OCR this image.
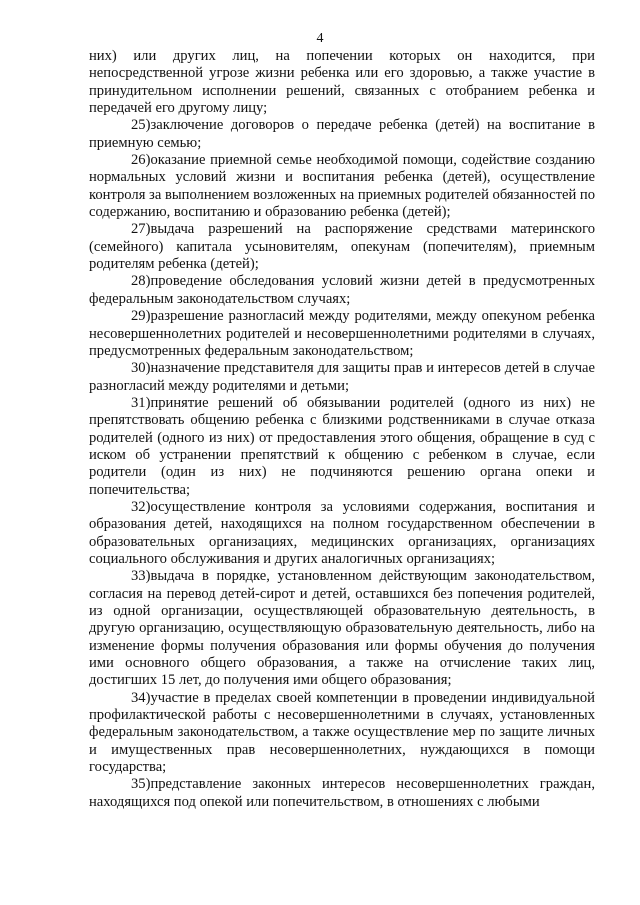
4

них) или других лиц, на попечении которых он находится, при непосредственной угрозе жизни ребенка или его здоровью, а также участие в принудительном исполнении решений, связанных с отобранием ребенка и передачей его другому лицу;

25)заключение договоров о передаче ребенка (детей) на воспитание в приемную семью;

26)оказание приемной семье необходимой помощи, содействие созданию нормальных условий жизни и воспитания ребенка (детей), осуществление контроля за выполнением возложенных на приемных родителей обязанностей по содержанию, воспитанию и образованию ребенка (детей);

27)выдача разрешений на распоряжение средствами материнского (семейного) капитала усыновителям, опекунам (попечителям), приемным родителям ребенка (детей);

28)проведение обследования условий жизни детей в предусмотренных федеральным законодательством случаях;

29)разрешение разногласий между родителями, между опекуном ребенка несовершеннолетних родителей и несовершеннолетними родителями в случаях, предусмотренных федеральным законодательством;

30)назначение представителя для защиты прав и интересов детей в случае разногласий между родителями и детьми;

31)принятие решений об обязывании родителей (одного из них) не препятствовать общению ребенка с близкими родственниками в случае отказа родителей (одного из них) от предоставления этого общения, обращение в суд с иском об устранении препятствий к общению с ребенком в случае, если родители (один из них) не подчиняются решению органа опеки и попечительства;

32)осуществление контроля за условиями содержания, воспитания и образования детей, находящихся на полном государственном обеспечении в образовательных организациях, медицинских организациях, организациях социального обслуживания и других аналогичных организациях;

33)выдача в порядке, установленном действующим законодательством, согласия на перевод детей-сирот и детей, оставшихся без попечения родителей, из одной организации, осуществляющей образовательную деятельность, в другую организацию, осуществляющую образовательную деятельность, либо на изменение формы получения образования или формы обучения до получения ими основного общего образования, а также на отчисление таких лиц, достигших 15 лет, до получения ими общего образования;

34)участие в пределах своей компетенции в проведении индивидуальной профилактической работы с несовершеннолетними в случаях, установленных федеральным законодательством, а также осуществление мер по защите личных и имущественных прав несовершеннолетних, нуждающихся в помощи государства;

35)представление законных интересов несовершеннолетних граждан, находящихся под опекой или попечительством, в отношениях с любыми
